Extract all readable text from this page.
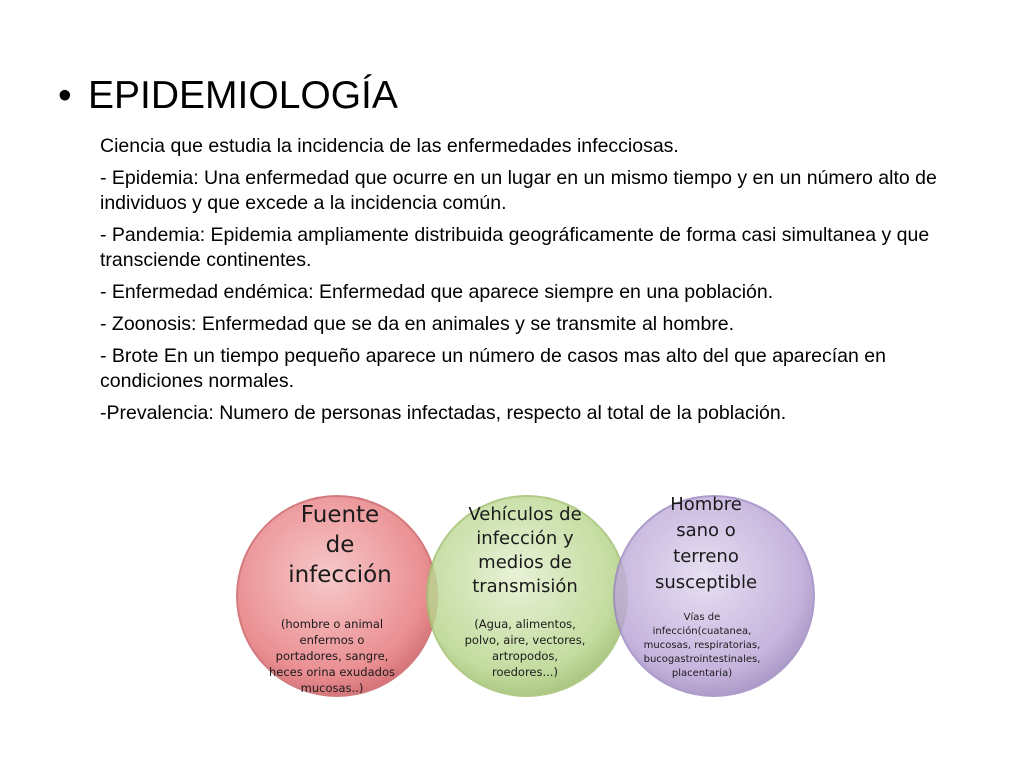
• EPIDEMIOLOGÍA

Ciencia que estudia la incidencia de las enfermedades infecciosas.

- Epidemia: Una enfermedad que ocurre en un lugar en un mismo tiempo y en un número alto de individuos y que excede a la incidencia común.

- Pandemia: Epidemia ampliamente distribuida geográficamente de forma casi simultanea y que transciende continentes.

- Enfermedad endémica: Enfermedad que aparece siempre en una población.

- Zoonosis: Enfermedad que se da en animales y se transmite al hombre.

- Brote En un tiempo pequeño aparece un número de casos mas alto del que aparecían en condiciones normales.

-Prevalencia: Numero de personas infectadas, respecto al total de la población.

Fuente
de
infección
(hombre o animal
enfermos o
portadores, sangre,
heces orina exudados
mucosas..)
Vehículos de
infección y
medios de
transmisión
(Agua, alimentos,
polvo, aire, vectores,
artropodos,
roedores...)
Hombre
sano o
terreno
susceptible
Vías de
infección(cuatanea,
mucosas, respiratorias,
bucogastrointestinales,
placentaria)
